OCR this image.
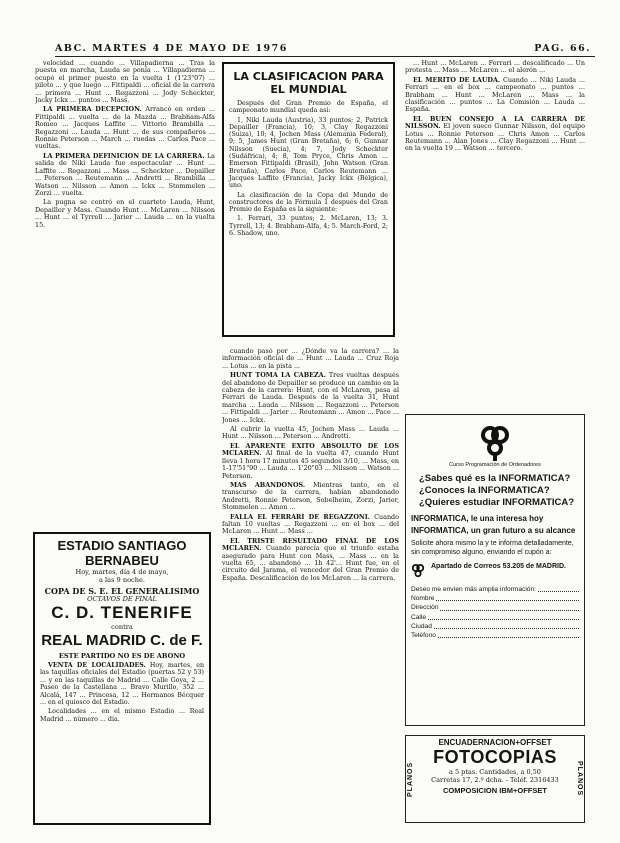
ABC. MARTES 4 DE MAYO DE 1976	PAG. 66.

velocidad ... cuando ... Villapadierna ... Tras la puesta en marcha, Lauda se ponía ... Villapadierna ... ocupó el primer puesto en la vuelta 1 (1'23"07) ... piloto ... y que luego ... Fittipaldi ... oficial de la carrera ... primera ... Hunt ... Regazzoni ... Jody Scheckter, Jacky Ickx ... puntos ... Mass.

LA PRIMERA DECEPCION. Arrancó en orden ... Fittipaldi ... vuelta ... de la Mazda ... Brabham-Alfa Romeo ... Jacques Laffite ... Vittorio Brambilla ... Regazzoni ... Lauda ... Hunt ... de sus compañeros ... Ronnie Peterson ... March ... ruedas ... Carlos Pace ... vueltas.

LA PRIMERA DEFINICION DE LA CARRERA. La salida de Niki Lauda fue espectacular ... Hunt ... Laffite ... Regazzoni ... Mass ... Scheckter ... Depailler ... Peterson ... Reutemann ... Andretti ... Brambilla ... Watson ... Nilsson ... Amon ... Ickx ... Stommelen ... Zorzi ... vuelta.

La pugna se centró en el cuarteto Lauda, Hunt, Depailler y Mass. Cuando Hunt ... McLaren ... Nilsson ... Hunt ... el Tyrrell ... Jarier ... Lauda ... en la vuelta 15.

LA CLASIFICACION PARA
EL MUNDIAL

Después del Gran Premio de España, el campeonato mundial queda así:

1, Niki Lauda (Austria), 33 puntos; 2, Patrick Depailler (Francia), 10; 3, Clay Regazzoni (Suiza), 10; 4, Jochen Mass (Alemania Federal), 9; 5, James Hunt (Gran Bretaña), 6; 6, Gunnar Nilsson (Suecia), 4; 7, Jody Scheckter (Sudáfrica), 4; 8, Tom Pryce, Chris Amon ... Emerson Fittipaldi (Brasil), John Watson (Gran Bretaña), Carlos Pace, Carlos Reutemann ... Jacques Laffite (Francia), Jacky Ickx (Bélgica), uno.

La clasificación de la Copa del Mundo de constructores de la Fórmula 1 después del Gran Premio de España es la siguiente:

1. Ferrari, 33 puntos; 2. McLaren, 13; 3. Tyrrell, 13; 4. Brabham-Alfa, 4; 5. March-Ford, 2; 6. Shadow, uno.

cuando pasó por ... ¿Dónde va la carrera? ... la información oficial de ... Hunt ... Lauda ... Cruz Roja ... Lotus ... en la pista ...

HUNT TOMA LA CABEZA. Tres vueltas después del abandono de Depailler se produce un cambio en la cabeza de la carrera: Hunt, con el McLaren, pasa al Ferrari de Lauda. Después de la vuelta 31, Hunt marcha ... Lauda ... Nilsson ... Regazzoni ... Peterson ... Fittipaldi ... Jarier ... Reutemann ... Amon ... Pace ... Jones ... Ickx.

Al cubrir la vuelta 45, Jochen Mass ... Lauda ... Hunt ... Nilsson ... Peterson ... Andretti.

EL APARENTE EXITO ABSOLUTO DE LOS MCLAREN. Al final de la vuelta 47, cuando Hunt lleva 1 hora 17 minutos 45 segundos 3/10, ... Mass, en 1-17'51"90 ... Lauda ... 1'20"03 ... Nilsson ... Watson ... Peterson.

MAS ABANDONOS. Mientras tanto, en el transcurso de la carrera, habían abandonado Andretti, Ronnie Peterson, Sobelheim, Zorzi, Jarier, Stommelen ... Amon ...

FALLA EL FERRARI DE REGAZZONI. Cuando faltan 10 vueltas ... Regazzoni ... en el box ... del McLaren ... Hunt ... Mass ...

EL TRISTE RESULTADO FINAL DE LOS MCLAREN. Cuando parecía que el triunfo estaba asegurado para Hunt con Mass, ... Mass ... en la vuelta 65, ... abandonó ... 1h 42'... Hunt fue, en el circuito del Jarama, el vencedor del Gran Premio de España. Descalificación de los McLaren ... la carrera.

... Hunt ... McLaren ... Ferrari ... descalificado ... Un protesta ... Mass ... McLaren ... el alerón ...

EL MERITO DE LAUDA. Cuando ... Niki Lauda ... Ferrari ... en el box ... campeonato ... puntos ... Brabham ... Hunt ... McLaren ... Mass ... la clasificación ... puntos ... La Comisión ... Lauda ... España.

EL BUEN CONSEJO A LA CARRERA DE NILSSON. El joven sueco Gunnar Nilsson, del equipo Lotus ... Ronnie Peterson ... Chris Amon ... Carlos Reutemann ... Alan Jones ... Clay Regazzoni ... Hunt ... en la vuelta 19 ... Watson ... tercero.

ESTADIO SANTIAGO BERNABEU
Hoy, martes, día 4 de mayo,
a las 9 noche.
COPA DE S. E. EL GENERALISIMO
OCTAVOS DE FINAL
C. D. TENERIFE
contra
REAL MADRID C. de F.
ESTE PARTIDO NO ES DE ABONO

VENTA DE LOCALIDADES. Hoy, martes, en las taquillas oficiales del Estadio (puertas 52 y 53) ... y en las taquillas de Madrid ... Calle Goya, 2 ... Paseo de la Castellana ... Bravo Murillo, 352 ... Alcalá, 147 ... Princesa, 12 ... Hermanos Bécquer ... en el quiosco del Estadio.

Localidades ... en el mismo Estadio ... Real Madrid ... número ... día.

Curso Programación de Ordenadores
¿Sabes qué es la INFORMATICA?
¿Conoces la INFORMATICA?
¿Quieres estudiar INFORMATICA?
INFORMATICA, le una interesa hoy
INFORMATICA, un gran futuro a su alcance
Solicite ahora mismo la y te informa detalladamente, sin compromiso alguno, enviando el cupón a:
Apartado de Correos 53.205 de MADRID.
Deseo me envíen más amplia información:
Nombre
Dirección
Calle
Ciudad
Teléfono
PLANOS	PLANOS
ENCUADERNACION+OFFSET
FOTOCOPIAS
a 5 ptas. Cantidades, a 0,50
Carretas 17, 2.º dcha. - Teléf. 2316433
COMPOSICION IBM+OFFSET
